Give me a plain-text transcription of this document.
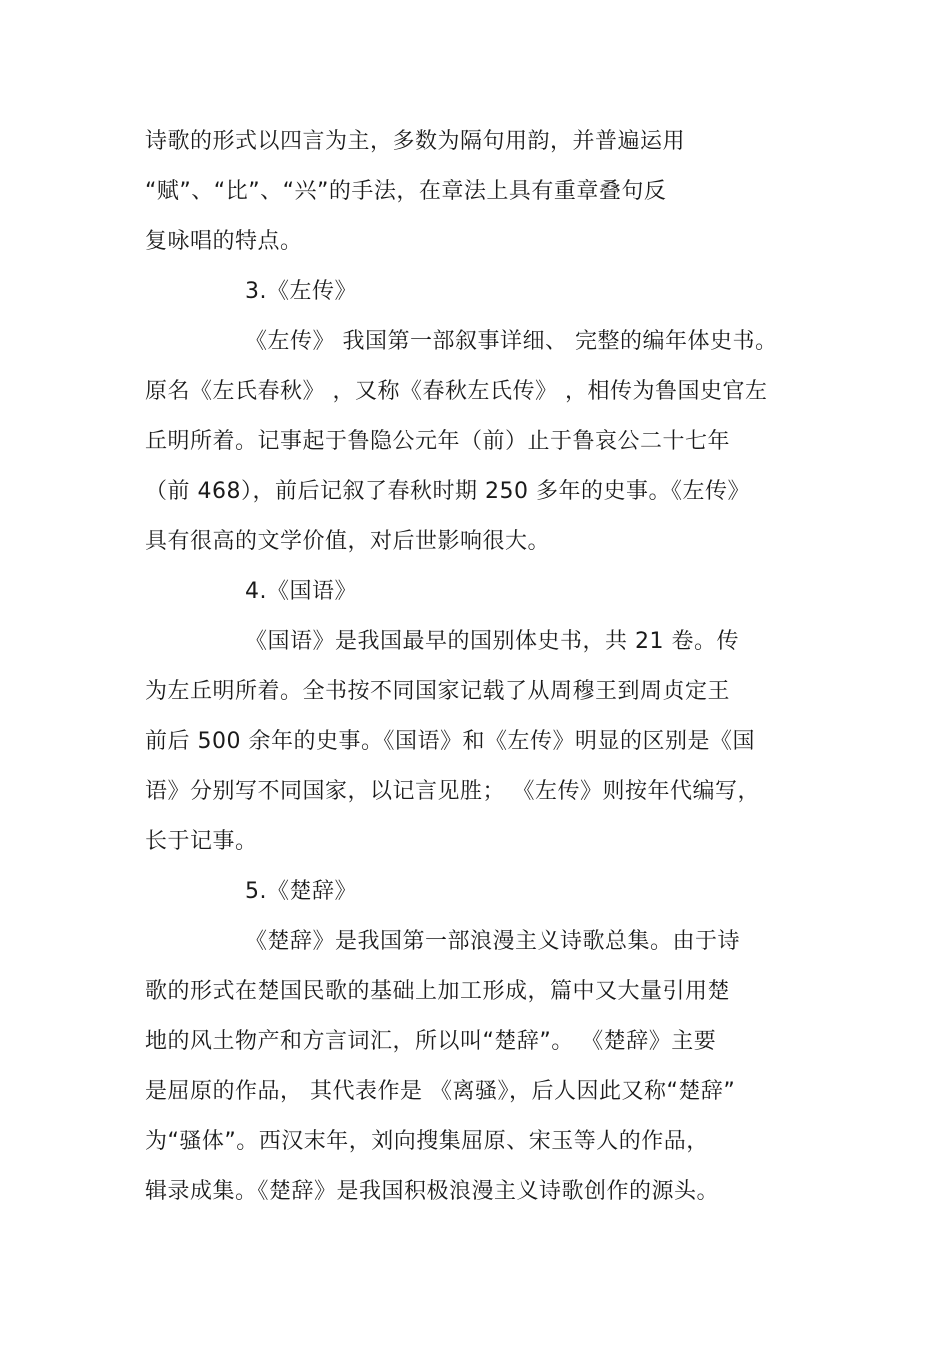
诗歌的形式以四言为主，多数为隔句用韵，并普遍运用
“赋”、“比”、“兴”的手法，在章法上具有重章叠句反
复咏唱的特点。
3.《左传》
《左传》 我国第一部叙事详细、 完整的编年体史书。
原名《左氏春秋》 ，又称《春秋左氏传》 ，相传为鲁国史官左
丘明所着。记事起于鲁隐公元年（前）止于鲁哀公二十七年
（前 468），前后记叙了春秋时期 250 多年的史事。《左传》
具有很高的文学价值，对后世影响很大。
4.《国语》
《国语》是我国最早的国别体史书，共 21 卷。传
为左丘明所着。全书按不同国家记载了从周穆王到周贞定王
前后 500 余年的史事。《国语》和《左传》明显的区别是《国
语》分别写不同国家，以记言见胜； 《左传》则按年代编写，
长于记事。
5.《楚辞》
《楚辞》是我国第一部浪漫主义诗歌总集。由于诗
歌的形式在楚国民歌的基础上加工形成，篇中又大量引用楚
地的风土物产和方言词汇，所以叫“楚辞”。 《楚辞》主要
是屈原的作品， 其代表作是 《离骚》，后人因此又称“楚辞”
为“骚体”。西汉末年，刘向搜集屈原、宋玉等人的作品，
辑录成集。《楚辞》是我国积极浪漫主义诗歌创作的源头。
